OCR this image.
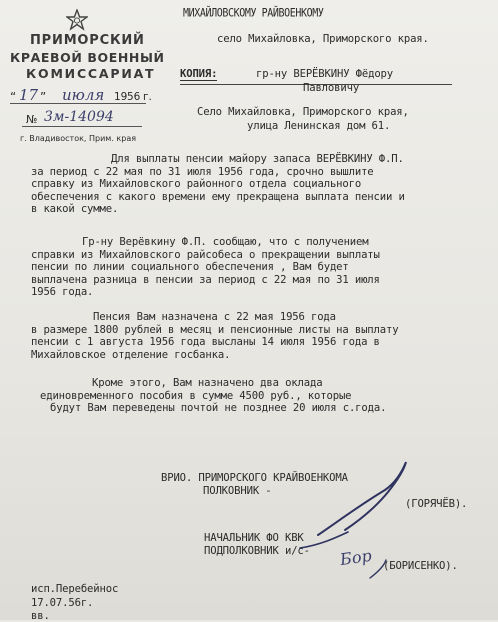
ПРИМОРСКИЙ
КРАЕВОЙ ВОЕННЫЙ
КОМИССАРИАТ
“ 17 ” июля 19 56 г.
№ 3м-14094
г. Владивосток, Прим. края
МИХАЙЛОВСКОМУ РАЙВОЕНКОМУ
село Михайловка, Приморского края.
КОПИЯ:	гр-ну ВЕРЁВКИНУ Фёдору
Павловичу
Село Михайловка, Приморского края,
улица Ленинская дом 61.
Для выплаты пенсии майору запаса ВЕРЁВКИНУ Ф.П.
за период с 22 мая по 31 июля 1956 года, срочно вышлите
справку из Михайловского районного отдела социального
обеспечения с какого времени ему прекращена выплата пенсии и
в какой сумме.
Гр-ну Верёвкину Ф.П. сообщаю, что с получением
справки из Михайловского райсобеса о прекращении выплаты
пенсии по линии социального обеспечения , Вам будет
выплачена разница в пенсии за период с 22 мая по 31 июля
1956 года.
Пенсия Вам назначена с 22 мая 1956 года
в размере 1800 рублей в месяц и пенсионные листы на выплату
пенсии с 1 августа 1956 года высланы 14 июля 1956 года в
Михайловское отделение госбанка.
Кроме этого, Вам назначено два оклада
единовременного пособия в сумме 4500 руб., которые
будут Вам переведены почтой не позднее 20 июля с.года.
ВРИО. ПРИМОРСКОГО КРАЙВОЕНКОМА
ПОЛКОВНИК -
(ГОРЯЧЁВ).
НАЧАЛЬНИК ФО КВК
ПОДПОЛКОВНИК и/с-
(БОРИСЕНКО).
Бор
исп.Перебейнос
17.07.56г.
вв.
